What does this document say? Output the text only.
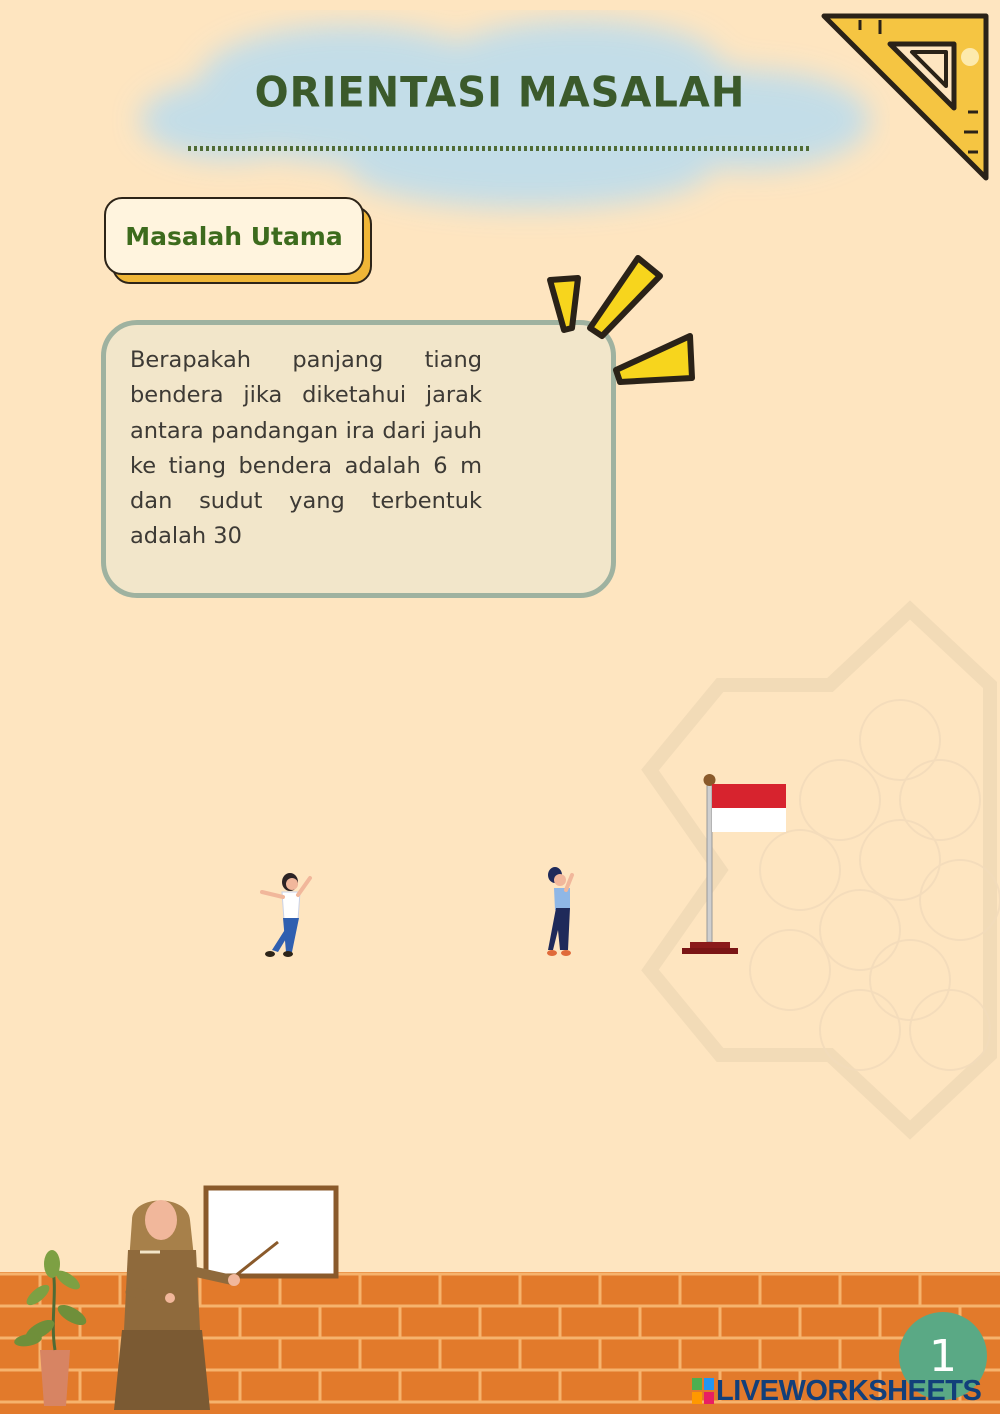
ORIENTASI MASALAH
Masalah Utama
Berapakah panjang tiang bendera jika diketahui jarak antara pandangan ira dari jauh ke tiang bendera adalah 6 m dan sudut yang terbentuk adalah 30
1
LIVEWORKSHEETS
